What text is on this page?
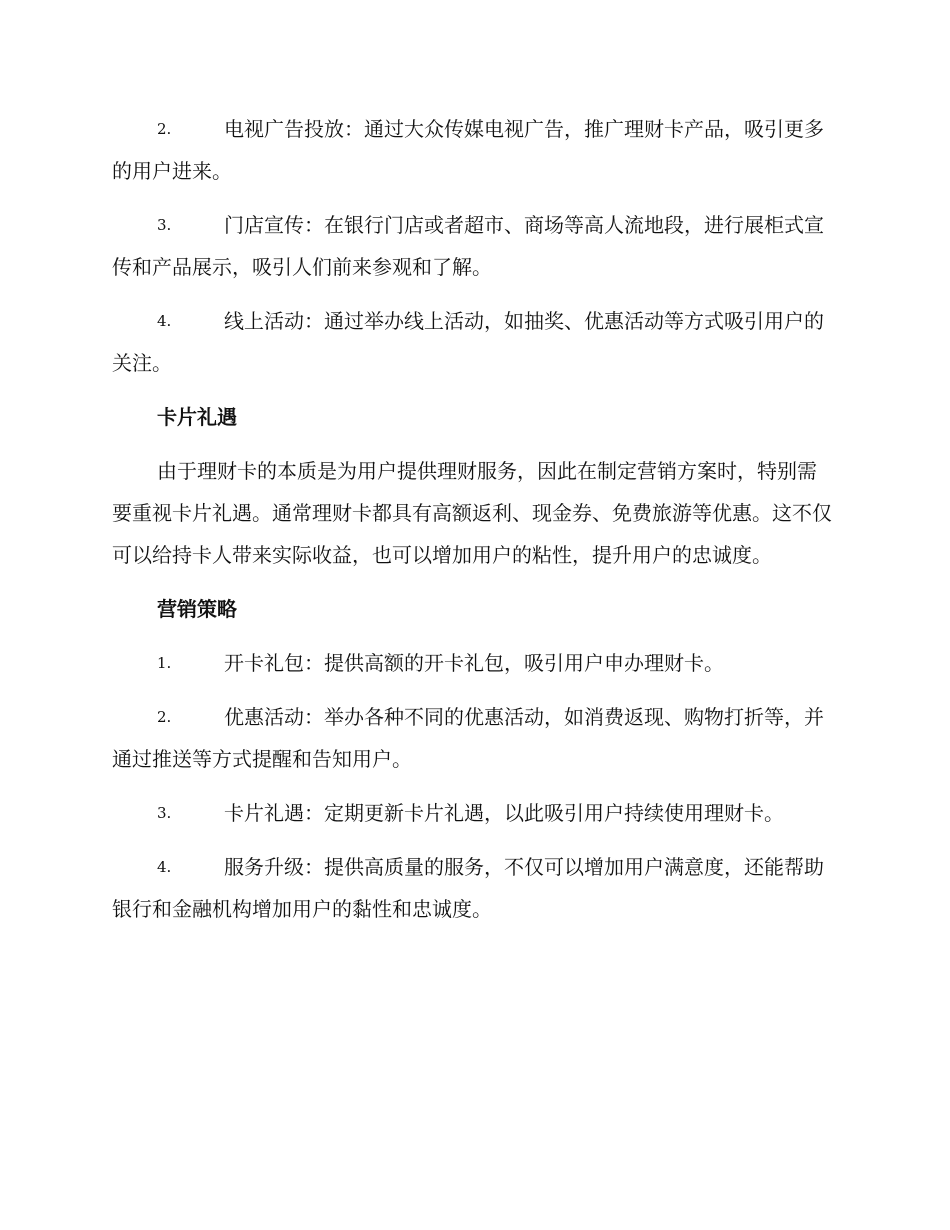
2.	电视广告投放：通过大众传媒电视广告，推广理财卡产品，吸引更多的用户进来。
3.	门店宣传：在银行门店或者超市、商场等高人流地段，进行展柜式宣传和产品展示，吸引人们前来参观和了解。
4.	线上活动：通过举办线上活动，如抽奖、优惠活动等方式吸引用户的关注。
卡片礼遇
由于理财卡的本质是为用户提供理财服务，因此在制定营销方案时，特别需要重视卡片礼遇。通常理财卡都具有高额返利、现金券、免费旅游等优惠。这不仅可以给持卡人带来实际收益，也可以增加用户的粘性，提升用户的忠诚度。
营销策略
1.	开卡礼包：提供高额的开卡礼包，吸引用户申办理财卡。
2.	优惠活动：举办各种不同的优惠活动，如消费返现、购物打折等，并通过推送等方式提醒和告知用户。
3.	卡片礼遇：定期更新卡片礼遇，以此吸引用户持续使用理财卡。
4.	服务升级：提供高质量的服务，不仅可以增加用户满意度，还能帮助银行和金融机构增加用户的黏性和忠诚度。
